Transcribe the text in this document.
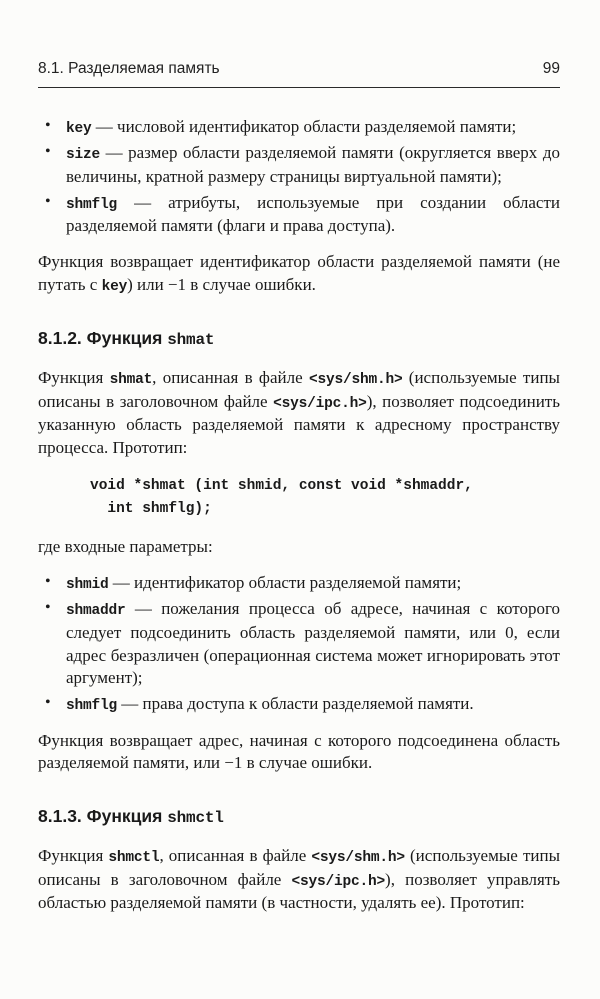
8.1. Разделяемая память	99
• key — числовой идентификатор области разделяемой памяти;
• size — размер области разделяемой памяти (округляется вверх до величины, кратной размеру страницы виртуальной памяти);
• shmflg — атрибуты, используемые при создании области разделяемой памяти (флаги и права доступа).

Функция возвращает идентификатор области разделяемой памяти (не путать с key) или −1 в случае ошибки.

8.1.2. Функция shmat

Функция shmat, описанная в файле <sys/shm.h> (используемые типы описаны в заголовочном файле <sys/ipc.h>), позволяет подсоединить указанную область разделяемой памяти к адресному пространству процесса. Прототип:

void *shmat (int shmid, const void *shmaddr,
int shmflg);

где входные параметры:

• shmid — идентификатор области разделяемой памяти;
• shmaddr — пожелания процесса об адресе, начиная с которого следует подсоединить область разделяемой памяти, или 0, если адрес безразличен (операционная система может игнорировать этот аргумент);
• shmflg — права доступа к области разделяемой памяти.

Функция возвращает адрес, начиная с которого подсоединена область разделяемой памяти, или −1 в случае ошибки.

8.1.3. Функция shmctl

Функция shmctl, описанная в файле <sys/shm.h> (используемые типы описаны в заголовочном файле <sys/ipc.h>), позволяет управлять областью разделяемой памяти (в частности, удалять ее). Прототип:
